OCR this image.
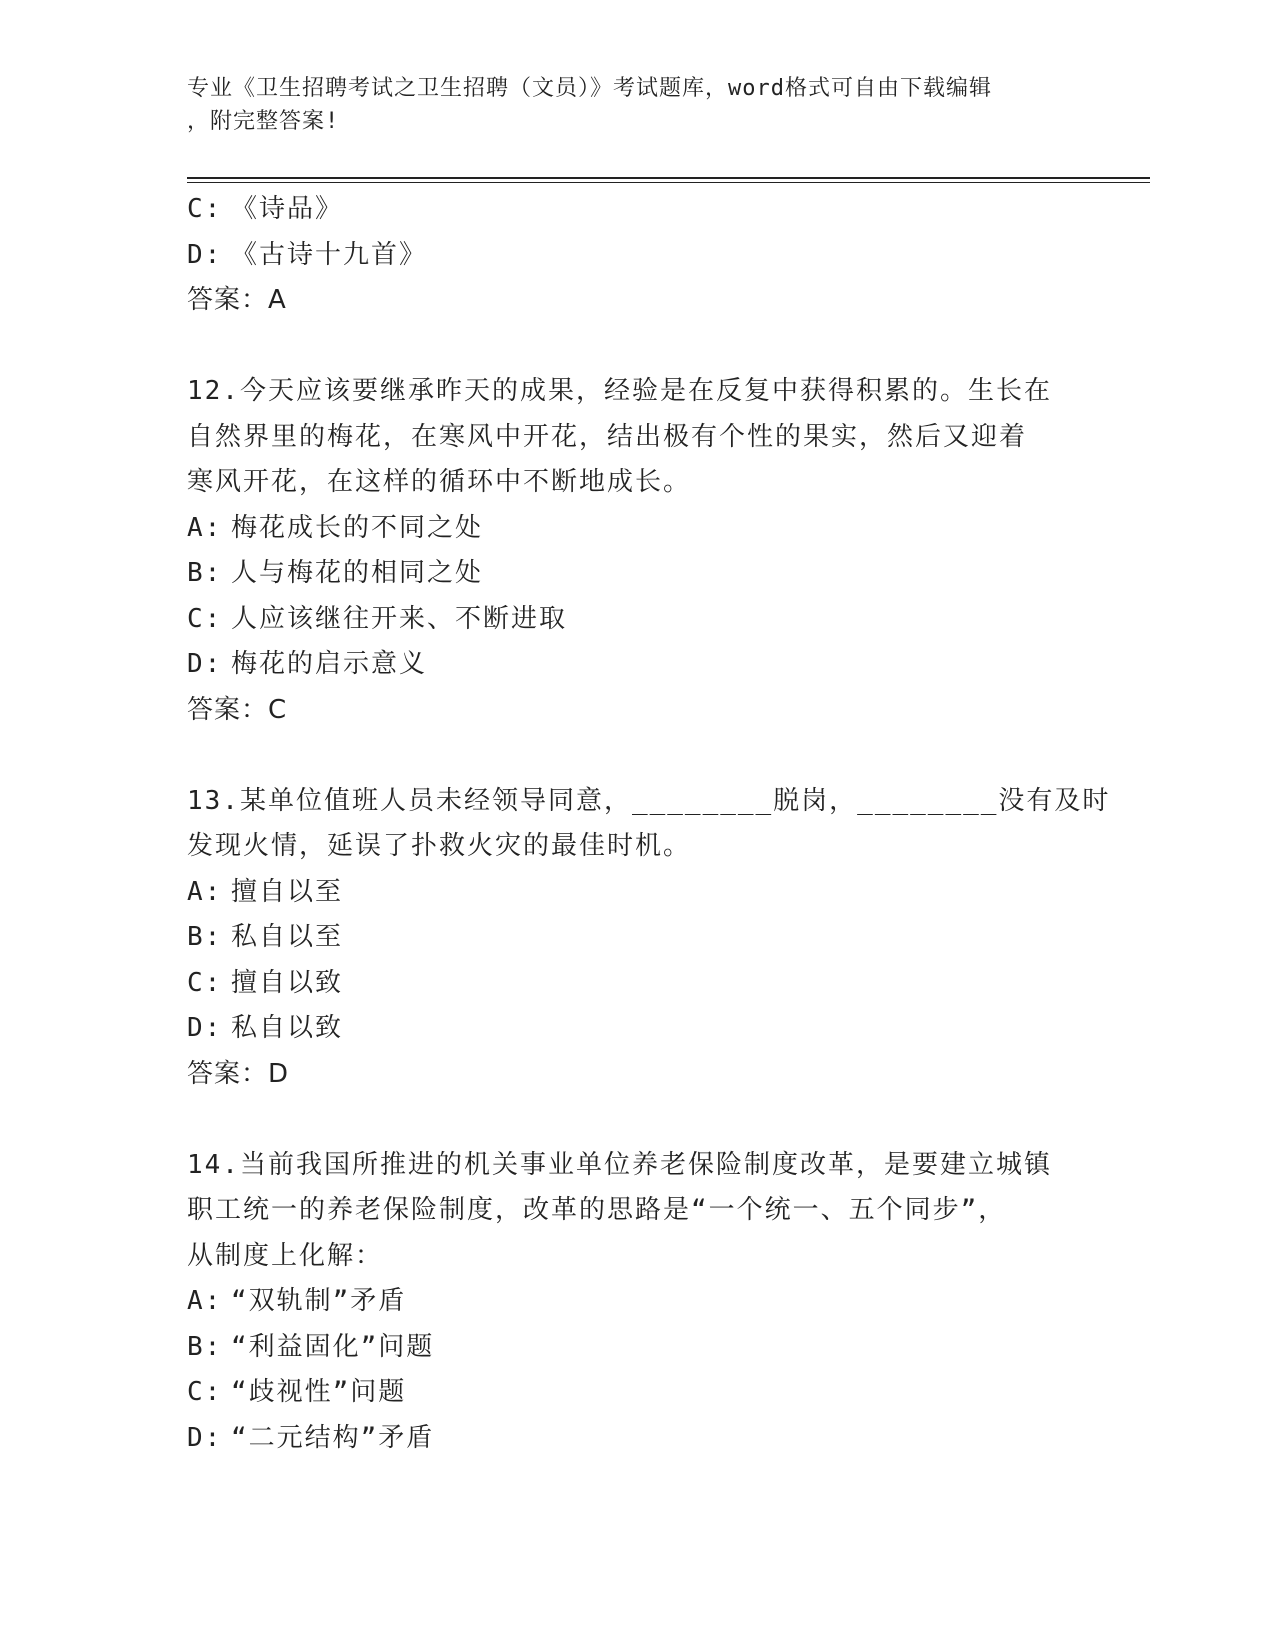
专业《卫生招聘考试之卫生招聘（文员）》考试题库，word格式可自由下载编辑
，附完整答案!
C: 《诗品》
D: 《古诗十九首》
答案：A
12.今天应该要继承昨天的成果，经验是在反复中获得积累的。生长在
自然界里的梅花，在寒风中开花，结出极有个性的果实，然后又迎着
寒风开花，在这样的循环中不断地成长。
A: 梅花成长的不同之处
B: 人与梅花的相同之处
C: 人应该继往开来、不断进取
D: 梅花的启示意义
答案：C
13.某单位值班人员未经领导同意，________脱岗，________没有及时
发现火情，延误了扑救火灾的最佳时机。
A: 擅自以至
B: 私自以至
C: 擅自以致
D: 私自以致
答案：D
14.当前我国所推进的机关事业单位养老保险制度改革，是要建立城镇
职工统一的养老保险制度，改革的思路是“一个统一、五个同步”，
从制度上化解：
A: “双轨制”矛盾
B: “利益固化”问题
C: “歧视性”问题
D: “二元结构”矛盾
